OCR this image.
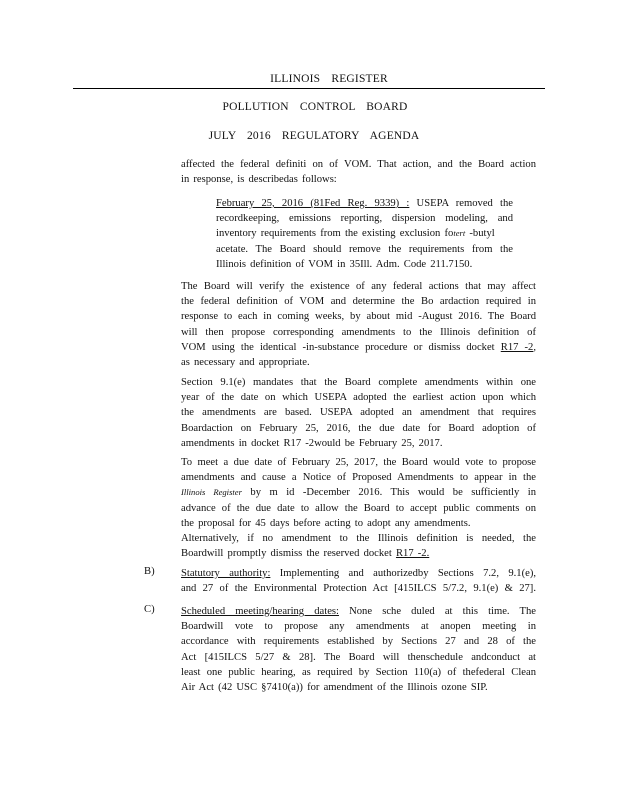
ILLINOIS REGISTER
POLLUTION CONTROL BOARD
JULY 2016 REGULATORY AGENDA
affected the federal definiti on of VOM. That action, and the Board action
in response, is describedas follows:
February 25, 2016 (81Fed Reg. 9339) : USEPA removed the
recordkeeping, emissions reporting, dispersion modeling, and
inventory requirements from the existing exclusion fotert -butyl
acetate. The Board should remove the requirements from the
Illinois definition of VOM in 35Ill. Adm. Code 211.7150.
The Board will verify the existence of any federal actions that may affect
the federal definition of VOM and determine the Bo ardaction required in
response to each in coming weeks, by about mid -August 2016. The Board
will then propose corresponding amendments to the Illinois definition of
VOM using the identical -in-substance procedure or dismiss docket R17 -2,
as necessary and appropriate.
Section 9.1(e) mandates that the Board complete amendments within one
year of the date on which USEPA adopted the earliest action upon which
the amendments are based. USEPA adopted an amendment that requires
Boardaction on February 25, 2016, the due date for Board adoption of
amendments in docket R17 -2would be February 25, 2017.
To meet a due date of February 25, 2017, the Board would vote to propose
amendments and cause a Notice of Proposed Amendments to appear in the
Illinois Register by m id -December 2016. This would be sufficiently in
advance of the due date to allow the Board to accept public comments on
the proposal for 45 days before acting to adopt any amendments.
Alternatively, if no amendment to the Illinois definition is needed, the
Boardwill promptly dismiss the reserved docket R17 -2.
B) Statutory authority: Implementing and authorizedby Sections 7.2, 9.1(e),
and 27 of the Environmental Protection Act [415ILCS 5/7.2, 9.1(e) & 27].
C) Scheduled meeting/hearing dates: None sche duled at this time. The
Boardwill vote to propose any amendments at anopen meeting in
accordance with requirements established by Sections 27 and 28 of the
Act [415ILCS 5/27 & 28]. The Board will thenschedule andconduct at
least one public hearing, as required by Section 110(a) of thefederal Clean
Air Act (42 USC §7410(a)) for amendment of the Illinois ozone SIP.
